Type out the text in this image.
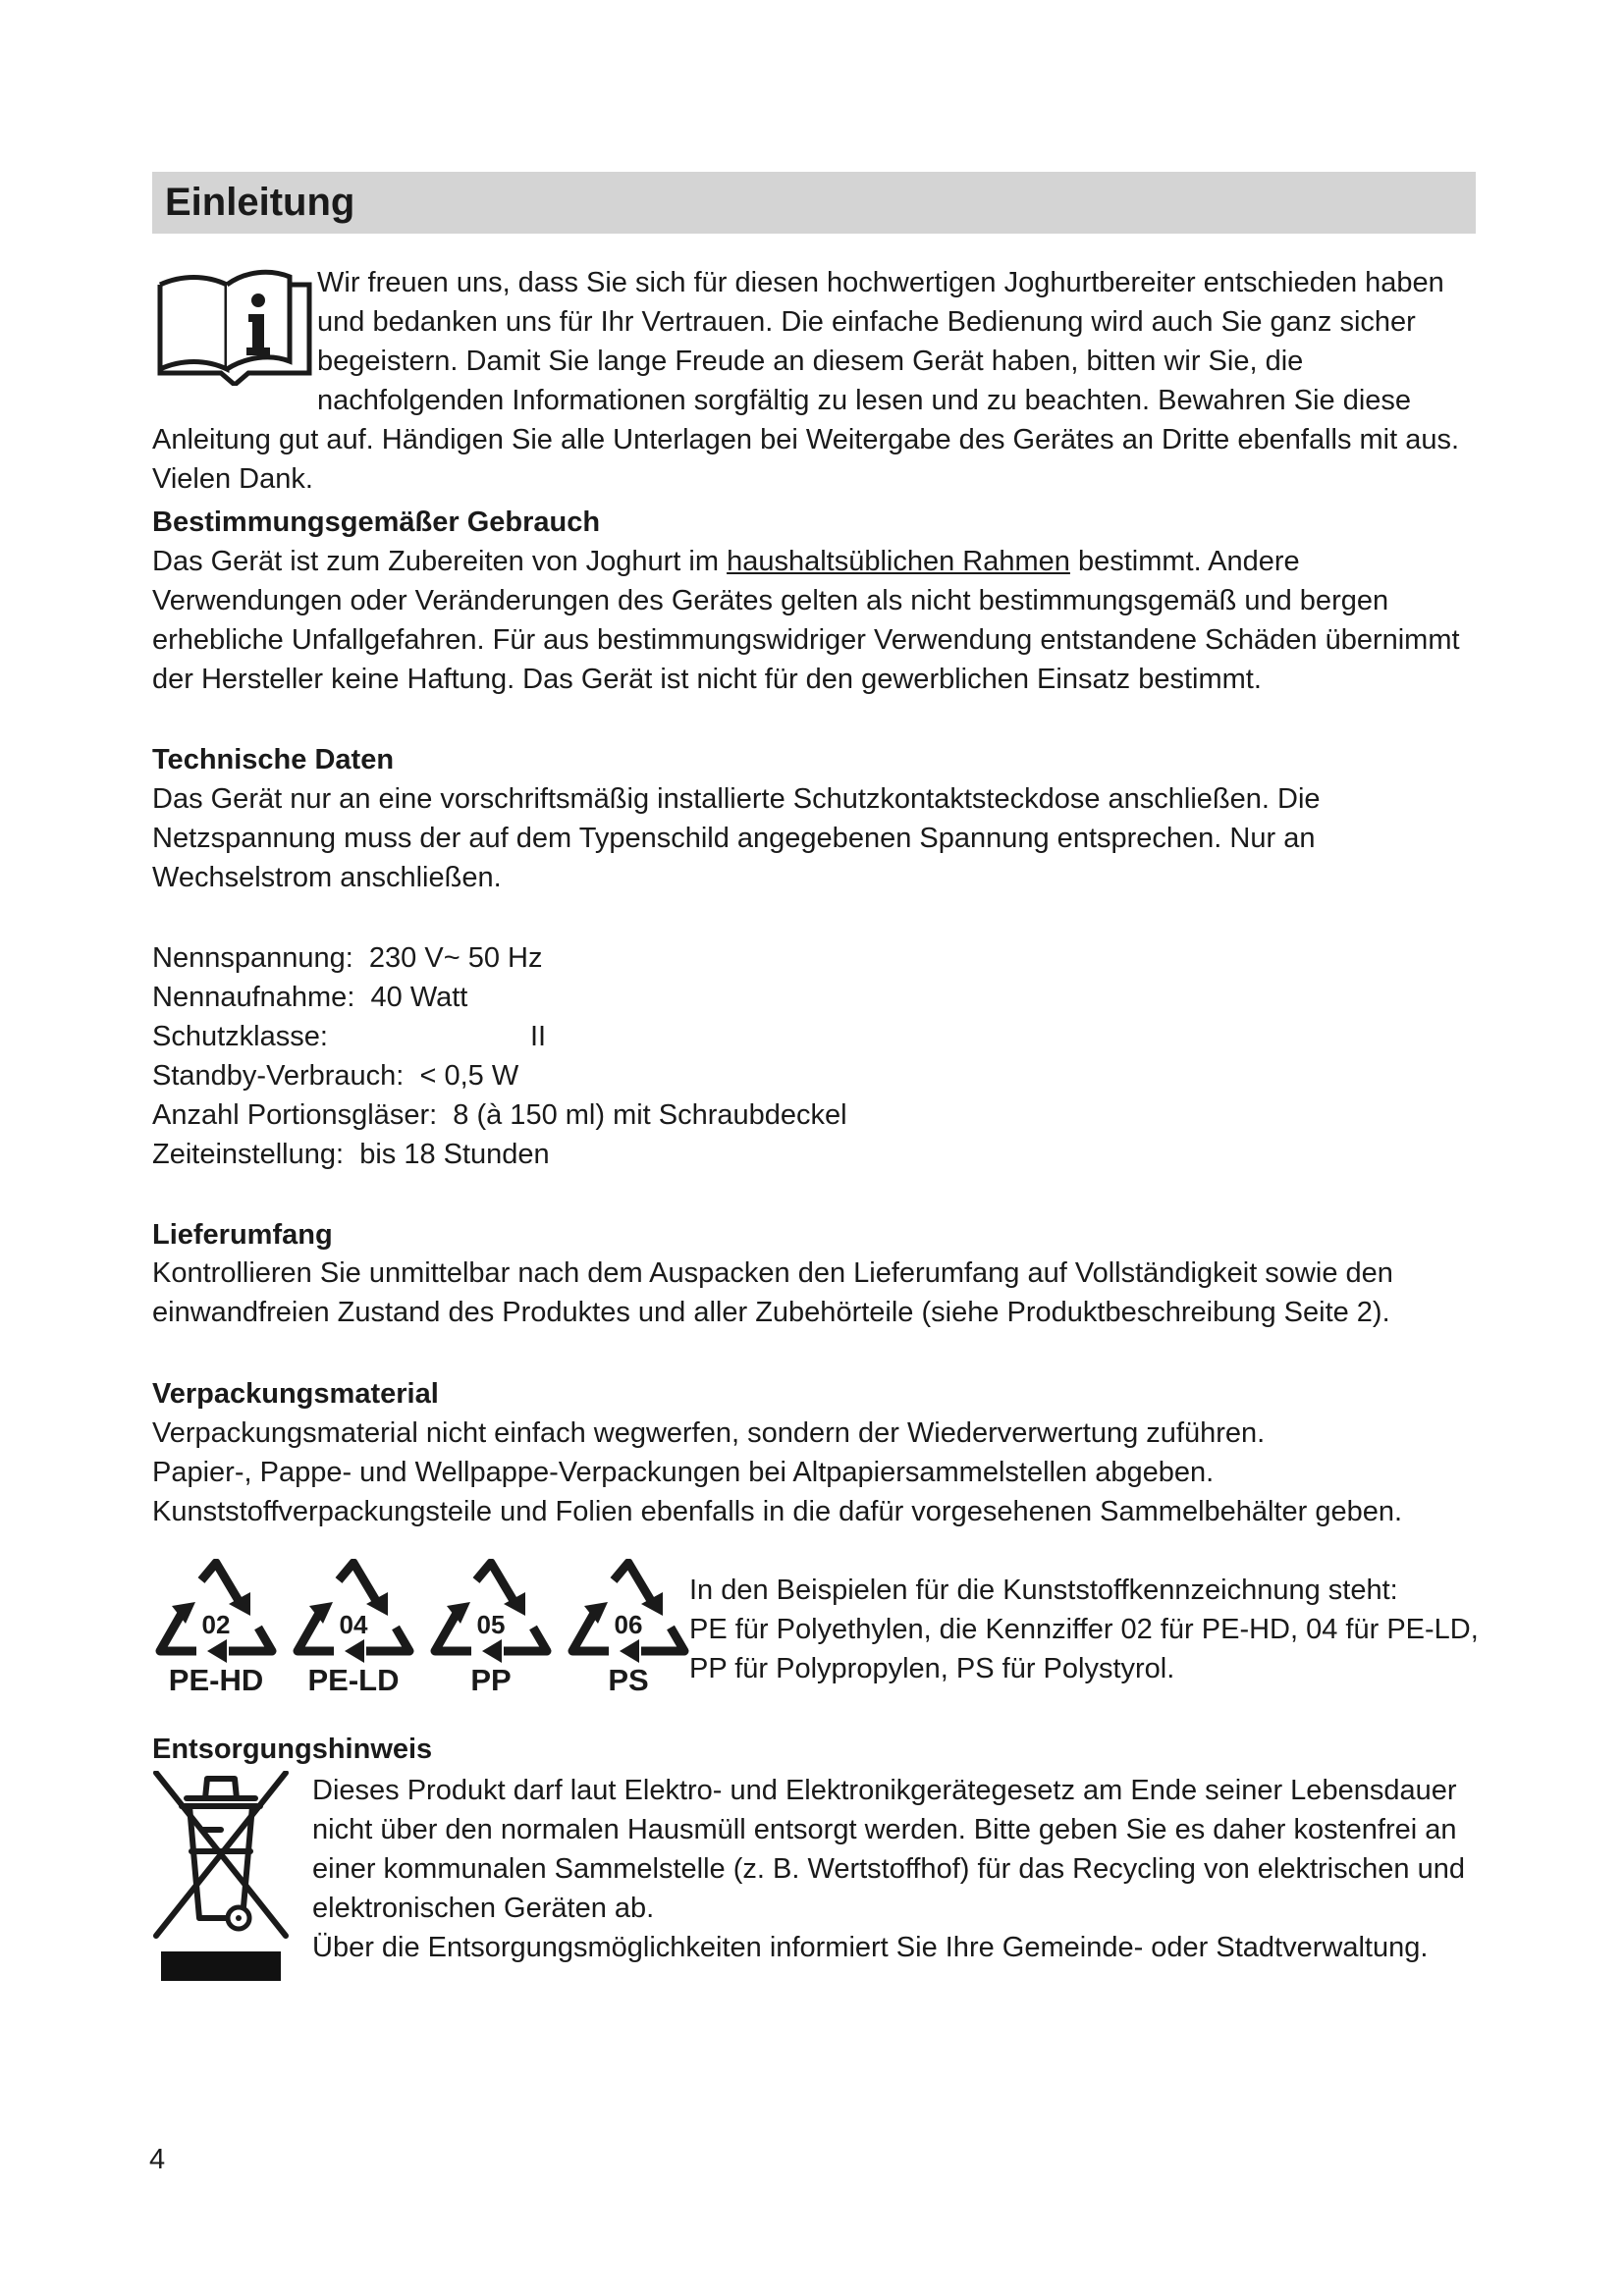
Einleitung

Wir freuen uns, dass Sie sich für diesen hochwertigen Joghurtbereiter entschieden haben und bedanken uns für Ihr Vertrauen. Die einfache Bedienung wird auch Sie ganz sicher begeistern. Damit Sie lange Freude an diesem Gerät haben, bitten wir Sie, die nachfolgenden Informationen sorgfältig zu lesen und zu beachten. Bewahren Sie diese Anleitung gut auf. Händigen Sie alle Unterlagen bei Weitergabe des Gerätes an Dritte ebenfalls mit aus. Vielen Dank.

Bestimmungsgemäßer Gebrauch

Das Gerät ist zum Zubereiten von Joghurt im haushaltsüblichen Rahmen bestimmt. Andere Verwendungen oder Veränderungen des Gerätes gelten als nicht bestimmungsgemäß und bergen erhebliche Unfallgefahren. Für aus bestimmungswidriger Verwendung entstandene Schäden übernimmt der Hersteller keine Haftung. Das Gerät ist nicht für den gewerblichen Einsatz bestimmt.

Technische Daten

Das Gerät nur an eine vorschriftsmäßig installierte Schutzkontaktsteckdose anschließen. Die Netzspannung muss der auf dem Typenschild angegebenen Spannung entsprechen. Nur an Wechselstrom anschließen.

Nennspannung: 230 V~ 50 Hz
Nennaufnahme: 40 Watt
Schutzklasse:	II
Standby-Verbrauch: < 0,5 W
Anzahl Portionsgläser: 8 (à 150 ml) mit Schraubdeckel
Zeiteinstellung: bis 18 Stunden
Lieferumfang

Kontrollieren Sie unmittelbar nach dem Auspacken den Lieferumfang auf Vollständigkeit sowie den einwandfreien Zustand des Produktes und aller Zubehörteile (siehe Produktbeschreibung Seite 2).

Verpackungsmaterial

Verpackungsmaterial nicht einfach wegwerfen, sondern der Wiederverwertung zuführen.

Papier-, Pappe- und Wellpappe-Verpackungen bei Altpapiersammelstellen abgeben.

Kunststoffverpackungsteile und Folien ebenfalls in die dafür vorgesehenen Sammelbehälter geben.

02
PE-HD
04
PE-LD
05
PP
06
PS

In den Beispielen für die Kunststoffkennzeichnung steht:

PE für Polyethylen, die Kennziffer 02 für PE-HD, 04 für PE-LD,

PP für Polypropylen, PS für Polystyrol.

Entsorgungshinweis

Dieses Produkt darf laut Elektro- und Elektronikgerätegesetz am Ende seiner Lebensdauer nicht über den normalen Hausmüll entsorgt werden. Bitte geben Sie es daher kostenfrei an einer kommunalen Sammelstelle (z. B. Wertstoffhof) für das Recycling von elektrischen und elektronischen Geräten ab.

Über die Entsorgungsmöglichkeiten informiert Sie Ihre Gemeinde- oder Stadtverwaltung.

4
